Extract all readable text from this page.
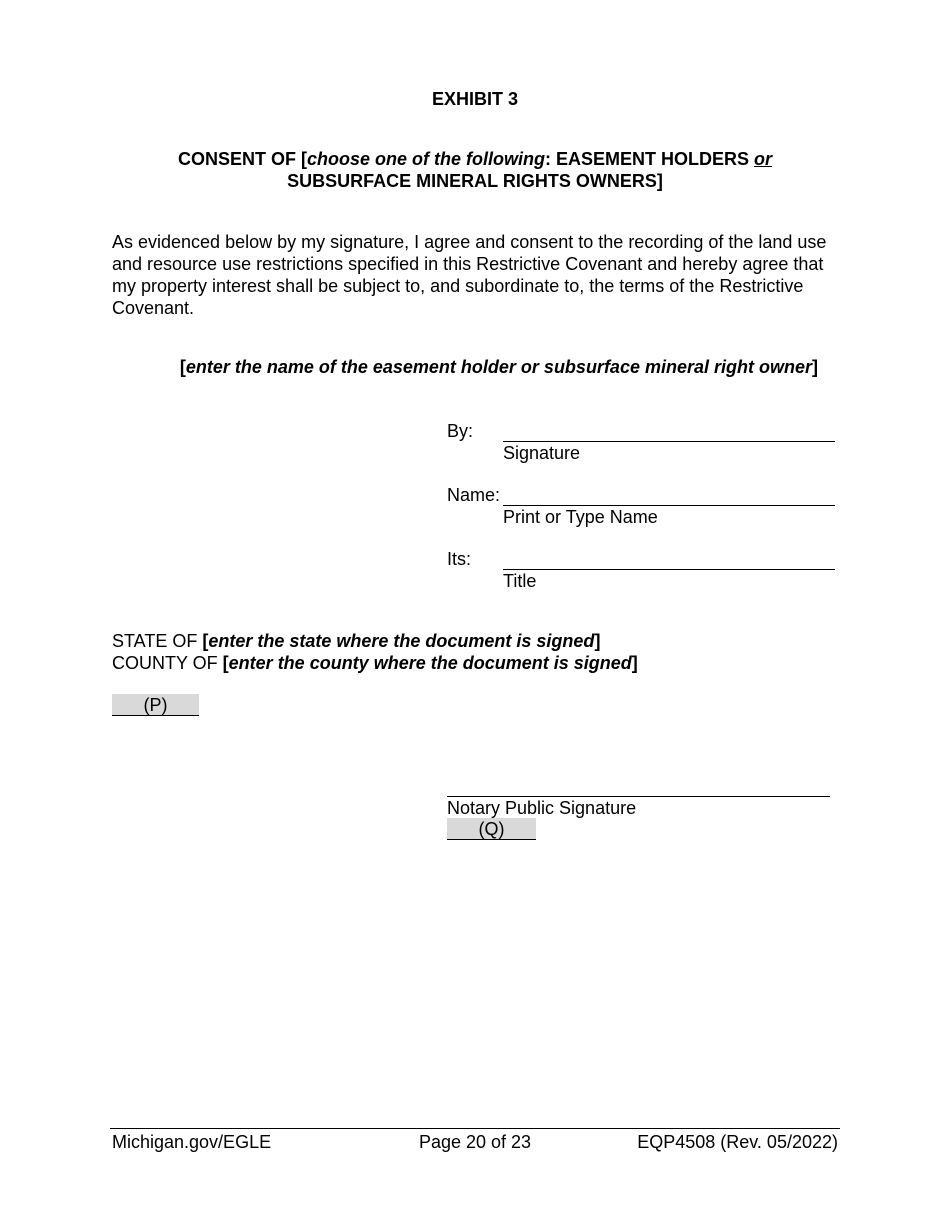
EXHIBIT 3
CONSENT OF [choose one of the following: EASEMENT HOLDERS or
SUBSURFACE MINERAL RIGHTS OWNERS]
As evidenced below by my signature, I agree and consent to the recording of the land use and resource use restrictions specified in this Restrictive Covenant and hereby agree that my property interest shall be subject to, and subordinate to, the terms of the Restrictive Covenant.
[enter the name of the easement holder or subsurface mineral right owner]
By:
Signature
Name:
Print or Type Name
Its:
Title
STATE OF [enter the state where the document is signed]
COUNTY OF [enter the county where the document is signed]
(P)
Notary Public Signature
(Q)
Michigan.gov/EGLE	Page 20 of 23	EQP4508 (Rev. 05/2022)
